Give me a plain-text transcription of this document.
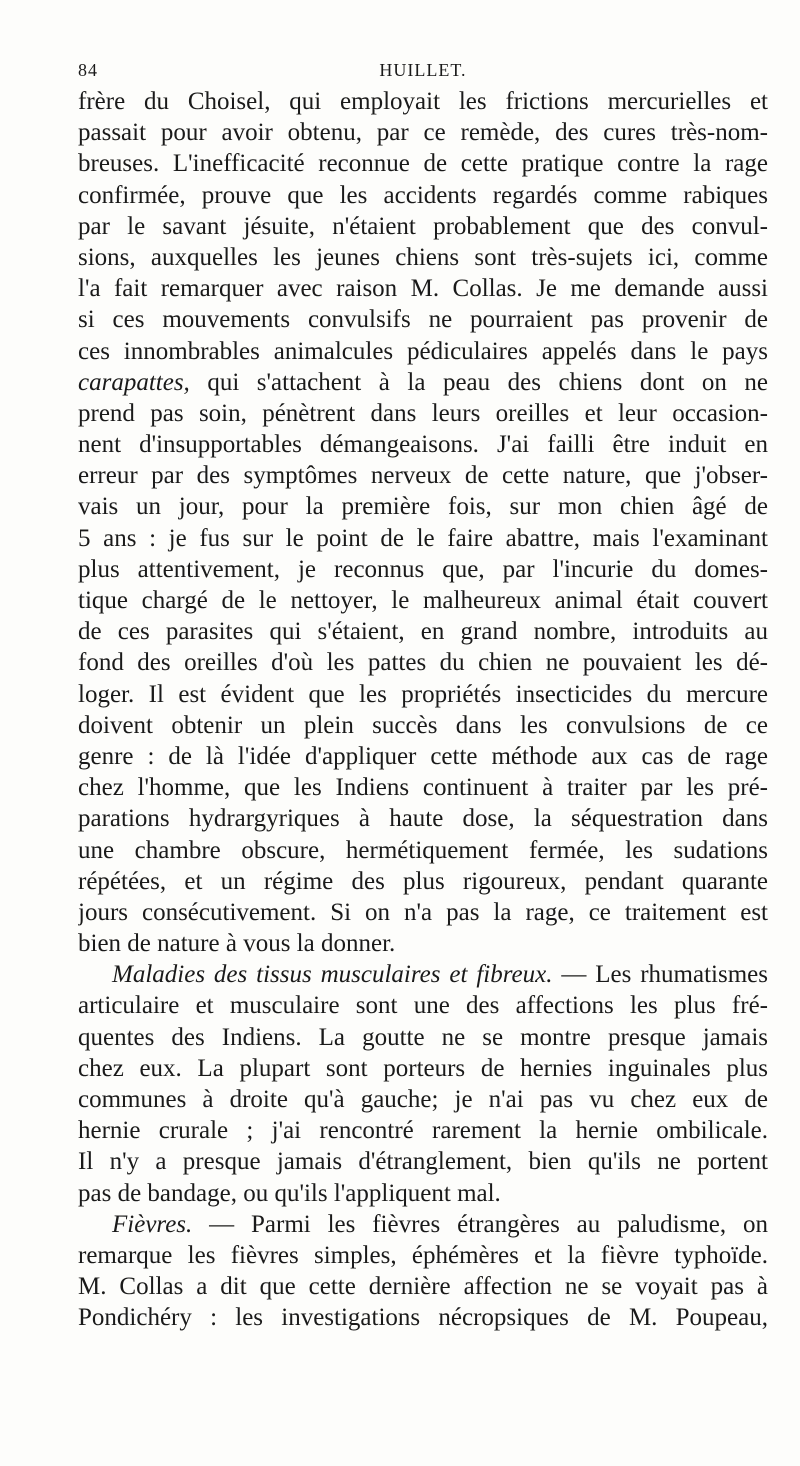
84	HUILLET.
frère du Choisel, qui employait les frictions mercurielles et
passait pour avoir obtenu, par ce remède, des cures très-nom-
breuses. L'inefficacité reconnue de cette pratique contre la rage
confirmée, prouve que les accidents regardés comme rabiques
par le savant jésuite, n'étaient probablement que des convul-
sions, auxquelles les jeunes chiens sont très-sujets ici, comme
l'a fait remarquer avec raison M. Collas. Je me demande aussi
si ces mouvements convulsifs ne pourraient pas provenir de
ces innombrables animalcules pédiculaires appelés dans le pays
carapattes, qui s'attachent à la peau des chiens dont on ne
prend pas soin, pénètrent dans leurs oreilles et leur occasion-
nent d'insupportables démangeaisons. J'ai failli être induit en
erreur par des symptômes nerveux de cette nature, que j'obser-
vais un jour, pour la première fois, sur mon chien âgé de
5 ans : je fus sur le point de le faire abattre, mais l'examinant
plus attentivement, je reconnus que, par l'incurie du domes-
tique chargé de le nettoyer, le malheureux animal était couvert
de ces parasites qui s'étaient, en grand nombre, introduits au
fond des oreilles d'où les pattes du chien ne pouvaient les dé-
loger. Il est évident que les propriétés insecticides du mercure
doivent obtenir un plein succès dans les convulsions de ce
genre : de là l'idée d'appliquer cette méthode aux cas de rage
chez l'homme, que les Indiens continuent à traiter par les pré-
parations hydrargyriques à haute dose, la séquestration dans
une chambre obscure, hermétiquement fermée, les sudations
répétées, et un régime des plus rigoureux, pendant quarante
jours consécutivement. Si on n'a pas la rage, ce traitement est
bien de nature à vous la donner.
Maladies des tissus musculaires et fibreux. — Les rhumatismes
articulaire et musculaire sont une des affections les plus fré-
quentes des Indiens. La goutte ne se montre presque jamais
chez eux. La plupart sont porteurs de hernies inguinales plus
communes à droite qu'à gauche; je n'ai pas vu chez eux de
hernie crurale ; j'ai rencontré rarement la hernie ombilicale.
Il n'y a presque jamais d'étranglement, bien qu'ils ne portent
pas de bandage, ou qu'ils l'appliquent mal.
Fièvres. — Parmi les fièvres étrangères au paludisme, on
remarque les fièvres simples, éphémères et la fièvre typhoïde.
M. Collas a dit que cette dernière affection ne se voyait pas à
Pondichéry : les investigations nécropsiques de M. Poupeau,
